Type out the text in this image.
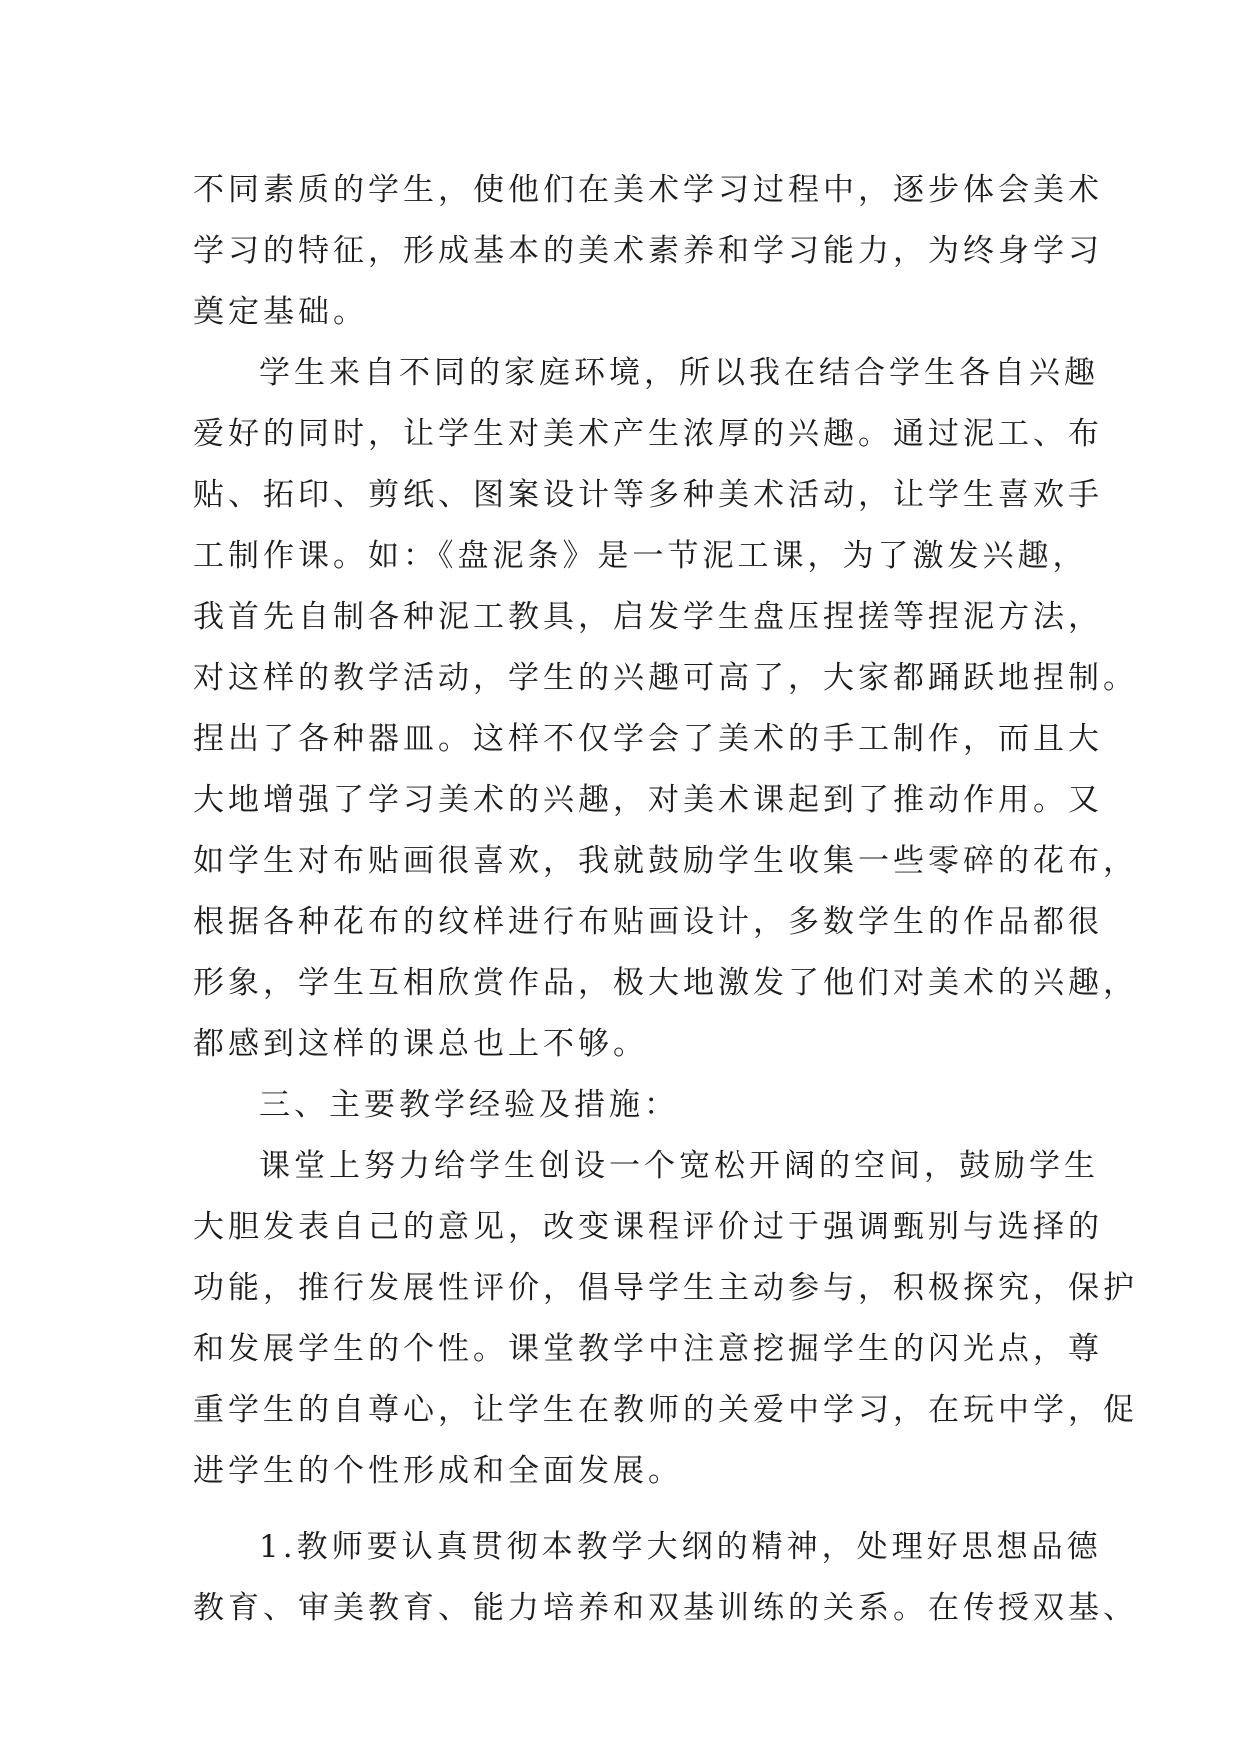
不同素质的学生，使他们在美术学习过程中，逐步体会美术
学习的特征，形成基本的美术素养和学习能力，为终身学习
奠定基础。
学生来自不同的家庭环境，所以我在结合学生各自兴趣
爱好的同时，让学生对美术产生浓厚的兴趣。通过泥工、布
贴、拓印、剪纸、图案设计等多种美术活动，让学生喜欢手
工制作课。如：《盘泥条》是一节泥工课，为了激发兴趣，
我首先自制各种泥工教具，启发学生盘压捏搓等捏泥方法，
对这样的教学活动，学生的兴趣可高了，大家都踊跃地捏制。
捏出了各种器皿。这样不仅学会了美术的手工制作，而且大
大地增强了学习美术的兴趣，对美术课起到了推动作用。又
如学生对布贴画很喜欢，我就鼓励学生收集一些零碎的花布，
根据各种花布的纹样进行布贴画设计，多数学生的作品都很
形象，学生互相欣赏作品，极大地激发了他们对美术的兴趣，
都感到这样的课总也上不够。
三、主要教学经验及措施：
课堂上努力给学生创设一个宽松开阔的空间，鼓励学生
大胆发表自己的意见，改变课程评价过于强调甄别与选择的
功能，推行发展性评价，倡导学生主动参与，积极探究，保护
和发展学生的个性。课堂教学中注意挖掘学生的闪光点，尊
重学生的自尊心，让学生在教师的关爱中学习，在玩中学，促
进学生的个性形成和全面发展。
1.教师要认真贯彻本教学大纲的精神，处理好思想品德
教育、审美教育、能力培养和双基训练的关系。在传授双基、
